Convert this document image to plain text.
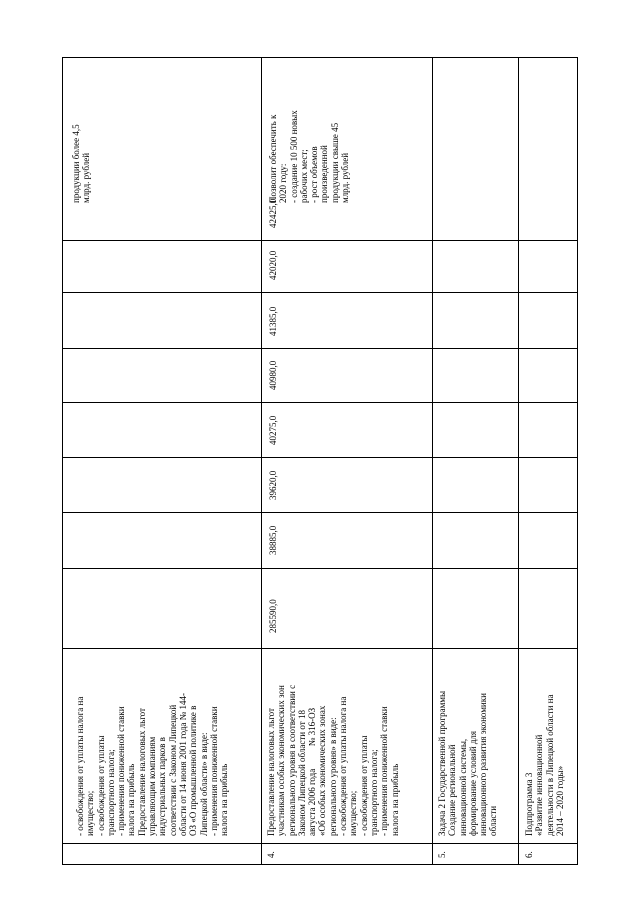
- освобождения от уплаты налога на
имущество;
- освобождения от уплаты
транспортного налога;
- применения пониженной ставки
налога на прибыль
Предоставление налоговых льгот
управляющим компаниям
индустриальных парков в
соответствии с Законом Липецкой
области от 14 июня 2001 года № 144-
ОЗ «О промышленной политике в
Липецкой области» в виде:
- применения пониженной ставки
налога на прибыль
продукции более 4,5
млрд. рублей
4.
Предоставление налоговых льгот
участникам особых экономических зон
регионального уровня в соответствии с
Законом Липецкой области от 18
августа 2006 года          № 316-ОЗ
«Об особых экономических зонах
регионального уровня» в виде:
- освобождения от уплаты налога на
имущество;
- освобождения от уплаты
транспортного налога;
- применения пониженной ставки
налога на прибыль
285590,0
38885,0
39620,0
40275,0
40980,0
41385,0
42020,0
42425,0
Позволит обеспечить к
2020 году:
- создание 10 500 новых
рабочих мест;
- рост объемов
произведенной
продукции свыше 45
млрд. рублей
5.
Задача 2 Государственной программы
Создание региональной
инновационной системы,
формирование условий для
инновационного развития экономики
области
6.
Подпрограмма 3
«Развитие инновационной
деятельности в Липецкой области на
2014 – 2020 годы»
